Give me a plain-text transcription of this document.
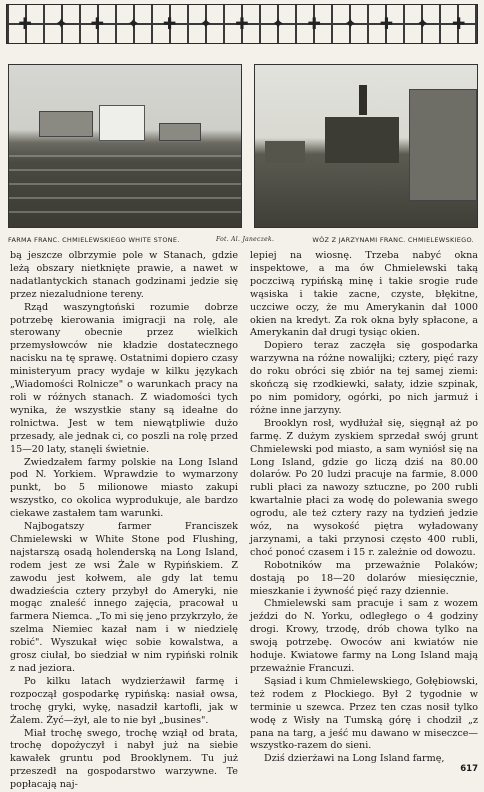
✚ ✦ ✚ ✦ ✚ ✦ ✚ ✦ ✚ ✦ ✚ ✦ ✚
FARMA FRANC. CHMIELEWSKIEGO WHITE STONE.	Fot. Al. Janeczek.	WÓZ Z JARZYNAMI FRANC. CHMIELEWSKIEGO.

bą jeszcze olbrzymie pole w Stanach, gdzie leżą obszary nietknięte prawie, a nawet w nadatlantyckich stanach godzinami jedzie się przez niezaludnione tereny.

Rząd waszyngtoński rozumie dobrze potrzebę kierowania imigracji na rolę, ale sterowany obecnie przez wielkich przemysłowców nie kładzie dostatecznego nacisku na tę sprawę. Ostatnimi dopiero czasy ministeryum pracy wydaje w kilku językach „Wiadomości Rolnicze" o warunkach pracy na roli w różnych stanach. Z wiadomości tych wynika, że wszystkie stany są ideałne do rolnictwa. Jest w tem niewątpliwie dużo przesady, ale jednak ci, co poszli na rolę przed 15—20 laty, stanęli świetnie.

Zwiedzałem farmy polskie na Long Island pod N. Yorkiem. Wprawdzie to wymarzony punkt, bo 5 milionowe miasto zakupi wszystko, co okolica wyprodukuje, ale bardzo ciekawe zastałem tam warunki.

Najbogatszy farmer Franciszek Chmielewski w White Stone pod Flushing, najstarszą osadą holenderską na Long Island, rodem jest ze wsi Żale w Rypińskiem. Z zawodu jest kołwem, ale gdy lat temu dwadzieścia cztery przybył do Ameryki, nie mogąc znaleść innego zajęcia, pracował u farmera Niemca. „To mi się jeno przykrzyło, że szelma Niemiec kazał nam i w niedzielę robić". Wyszukał więc sobie kowalstwa, a grosz ciułał, bo siedział w nim rypiński rolnik z nad jeziora.

Po kilku latach wydzierżawił farmę i rozpoczął gospodarkę rypińską: nasiał owsa, trochę gryki, wykę, nasadził kartofli, jak w Żalem. Żyć—żył, ale to nie był „busines".

Miał trochę swego, trochę wziął od brata, trochę dopożyczył i nabył już na siebie kawałek gruntu pod Brooklynem. Tu już przeszedł na gospodarstwo warzywne. Te popłacają naj-

lepiej na wiosnę. Trzeba nabyć okna inspektowe, a ma ów Chmielewski taką poczciwą rypińską minę i takie srogie rude wąsiska i takie zacne, czyste, błękitne, uczciwe oczy, że mu Amerykanin dał 1000 okien na kredyt. Za rok okna były spłacone, a Amerykanin dał drugi tysiąc okien.

Dopiero teraz zaczęła się gospodarka warzywna na różne nowalijki; cztery, pięć razy do roku obróci się zbiór na tej samej ziemi: skończą się rzodkiewki, sałaty, idzie szpinak, po nim pomidory, ogórki, po nich jarmuż i różne inne jarzyny.

Brooklyn rosł, wydłużał się, sięgnął aż po farmę. Z dużym zyskiem sprzedał swój grunt Chmielewski pod miasto, a sam wyniósł się na Long Island, gdzie go liczą dziś na 80.00 dolarów. Po 20 ludzi pracuje na farmie, 8.000 rubli płaci za nawozy sztuczne, po 200 rubli kwartalnie płaci za wodę do polewania swego ogrodu, ale też cztery razy na tydzień jedzie wóz, na wysokość piętra wyładowany jarzynami, a taki przynosi często 400 rubli, choć ponoć czasem i 15 r. zależnie od dowozu.

Robotników ma przeważnie Polaków; dostają po 18—20 dolarów miesięcznie, mieszkanie i żywność pięć razy dziennie.

Chmielewski sam pracuje i sam z wozem jeździ do N. Yorku, odległego o 4 godziny drogi. Krowy, trzodę, drób chowa tylko na swoją potrzebę. Owoców ani kwiatów nie hoduje. Kwiatowe farmy na Long Island mają przeważnie Francuzi.

Sąsiad i kum Chmielewskiego, Gołębiowski, też rodem z Płockiego. Był 2 tygodnie w terminie u szewca. Przez ten czas nosił tylko wodę z Wisły na Tumską górę i chodził „z pana na targ, a jeść mu dawano w miseczce—wszystko-razem do sieni.

Dziś dzierżawi na Long Island farmę,

617
